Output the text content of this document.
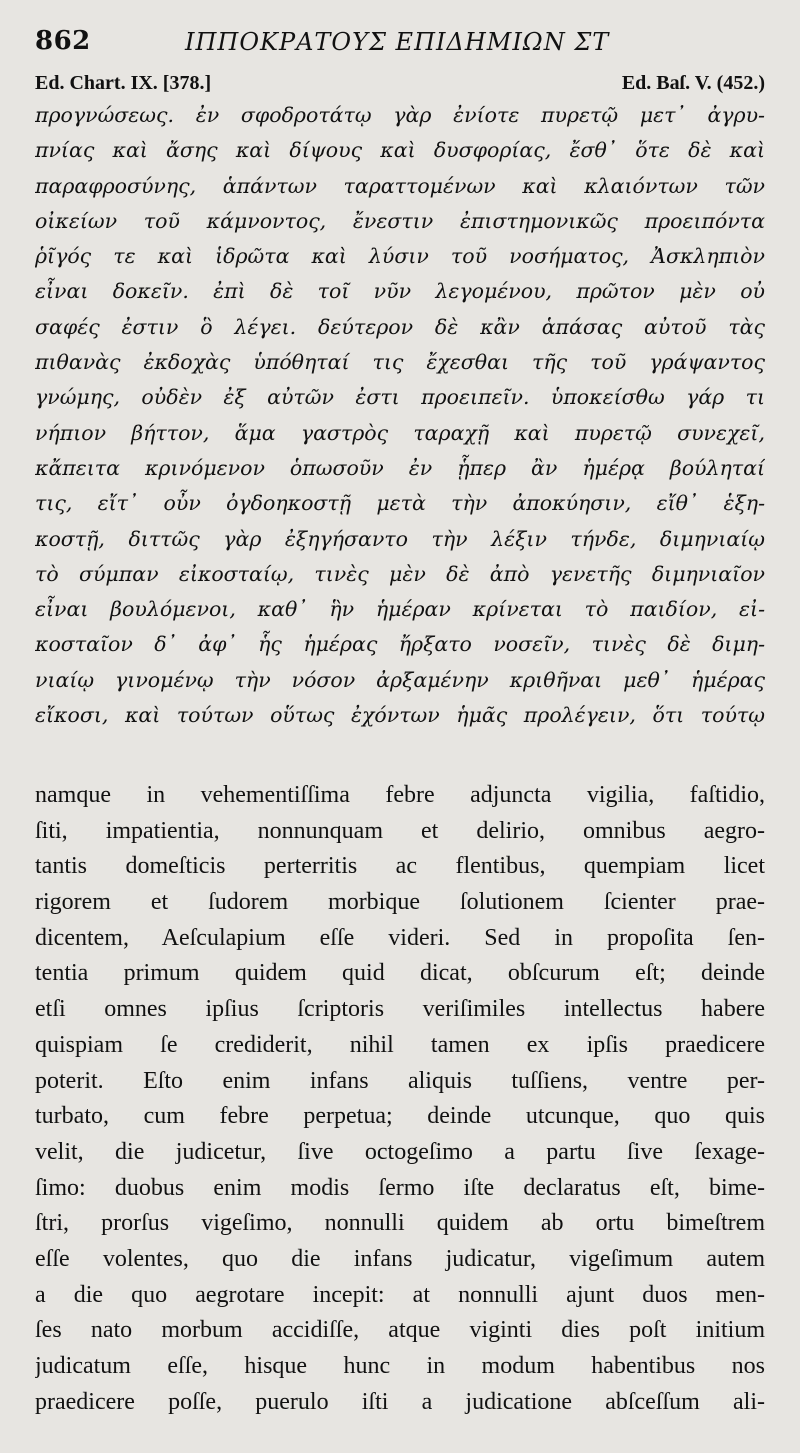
862	ΙΠΠΟΚΡΑΤΟΥΣ ΕΠΙΔΗΜΙΩΝ ΣΤ
Ed. Chart. IX. [378.]	Ed. Baſ. V. (452.)
προγνώσεως. ἐν σφοδροτάτῳ γὰρ ἐνίοτε πυρετῷ μετ᾽ ἀγρυ-
πνίας καὶ ἄσης καὶ δίψους καὶ δυσφορίας, ἔσθ᾽ ὅτε δὲ καὶ
παραφροσύνης, ἁπάντων ταραττομένων καὶ κλαιόντων τῶν
οἰκείων τοῦ κάμνοντος, ἔνεστιν ἐπιστημονικῶς προειπόντα
ῥῖγός τε καὶ ἱδρῶτα καὶ λύσιν τοῦ νοσήματος, Ἀσκληπιὸν
εἶναι δοκεῖν. ἐπὶ δὲ τοῖ νῦν λεγομένου, πρῶτον μὲν οὐ
σαφές ἐστιν ὃ λέγει. δεύτερον δὲ κἂν ἁπάσας αὐτοῦ τὰς
πιθανὰς ἐκδοχὰς ὑπόθηταί τις ἔχεσθαι τῆς τοῦ γράψαντος
γνώμης, οὐδὲν ἐξ αὐτῶν ἐστι προειπεῖν. ὑποκείσθω γάρ τι
νήπιον βήττον, ἅμα γαστρὸς ταραχῇ καὶ πυρετῷ συνεχεῖ,
κἄπειτα κρινόμενον ὁπωσοῦν ἐν ᾗπερ ἂν ἡμέρᾳ βούληταί
τις, εἴτ᾽ οὖν ὀγδοηκοστῇ μετὰ τὴν ἀποκύησιν, εἴθ᾽ ἑξη-
κοστῇ, διττῶς γὰρ ἐξηγήσαντο τὴν λέξιν τήνδε, διμηνιαίῳ
τὸ σύμπαν εἰκοσταίῳ, τινὲς μὲν δὲ ἀπὸ γενετῆς διμηνιαῖον
εἶναι βουλόμενοι, καθ᾽ ἣν ἡμέραν κρίνεται τὸ παιδίον, εἰ-
κοσταῖον δ᾽ ἀφ᾽ ἧς ἡμέρας ἤρξατο νοσεῖν, τινὲς δὲ διμη-
νιαίῳ γινομένῳ τὴν νόσον ἀρξαμένην κριθῆναι μεθ᾽ ἡμέρας
εἴκοσι, καὶ τούτων οὕτως ἐχόντων ἡμᾶς προλέγειν, ὅτι τούτῳ
namque in vehementiſſima febre adjuncta vigilia, faſtidio,
ſiti, impatientia, nonnunquam et delirio, omnibus aegro-
tantis domeſticis perterritis ac flentibus, quempiam licet
rigorem et ſudorem morbique ſolutionem ſcienter prae-
dicentem, Aeſculapium eſſe videri. Sed in propoſita ſen-
tentia primum quidem quid dicat, obſcurum eſt; deinde
etſi omnes ipſius ſcriptoris veriſimiles intellectus habere
quispiam ſe crediderit, nihil tamen ex ipſis praedicere
poterit. Eſto enim infans aliquis tuſſiens, ventre per-
turbato, cum febre perpetua; deinde utcunque, quo quis
velit, die judicetur, ſive octogeſimo a partu ſive ſexage-
ſimo: duobus enim modis ſermo iſte declaratus eſt, bime-
ſtri, prorſus vigeſimo, nonnulli quidem ab ortu bimeſtrem
eſſe volentes, quo die infans judicatur, vigeſimum autem
a die quo aegrotare incepit: at nonnulli ajunt duos men-
ſes nato morbum accidiſſe, atque viginti dies poſt initium
judicatum eſſe, hisque hunc in modum habentibus nos
praedicere poſſe, puerulo iſti a judicatione abſceſſum ali-
